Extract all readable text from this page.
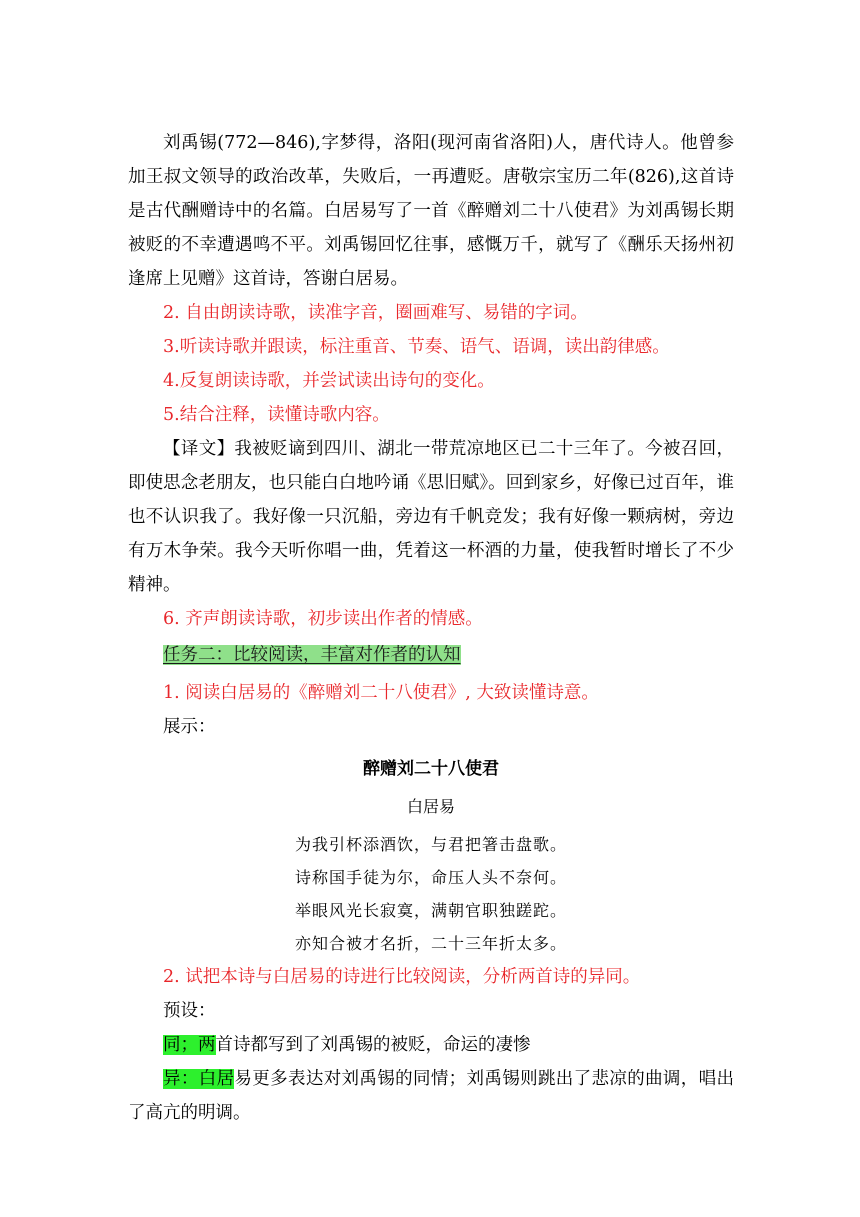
刘禹锡(772—846),字梦得，洛阳(现河南省洛阳)人，唐代诗人。他曾参加王叔文领导的政治改革，失败后，一再遭贬。唐敬宗宝历二年(826),这首诗是古代酬赠诗中的名篇。白居易写了一首《醉赠刘二十八使君》为刘禹锡长期被贬的不幸遭遇鸣不平。刘禹锡回忆往事，感慨万千，就写了《酬乐天扬州初逢席上见赠》这首诗，答谢白居易。

2. 自由朗读诗歌，读准字音，圈画难写、易错的字词。

3.听读诗歌并跟读，标注重音、节奏、语气、语调，读出韵律感。

4.反复朗读诗歌，并尝试读出诗句的变化。

5.结合注释，读懂诗歌内容。

【译文】我被贬谪到四川、湖北一带荒凉地区已二十三年了。今被召回，即使思念老朋友，也只能白白地吟诵《思旧赋》。回到家乡，好像已过百年，谁也不认识我了。我好像一只沉船，旁边有千帆竞发；我有好像一颗病树，旁边有万木争荣。我今天听你唱一曲，凭着这一杯酒的力量，使我暂时增长了不少精神。

6. 齐声朗读诗歌，初步读出作者的情感。

任务二：比较阅读，丰富对作者的认知

1. 阅读白居易的《醉赠刘二十八使君》, 大致读懂诗意。

展示：

醉赠刘二十八使君

白居易

为我引杯添酒饮，与君把箸击盘歌。

诗称国手徒为尔，命压人头不奈何。

举眼风光长寂寞，满朝官职独蹉跎。

亦知合被才名折，二十三年折太多。

2. 试把本诗与白居易的诗进行比较阅读，分析两首诗的异同。

预设：

同；两首诗都写到了刘禹锡的被贬，命运的凄惨

异：白居易更多表达对刘禹锡的同情；刘禹锡则跳出了悲凉的曲调，唱出了高亢的明调。
